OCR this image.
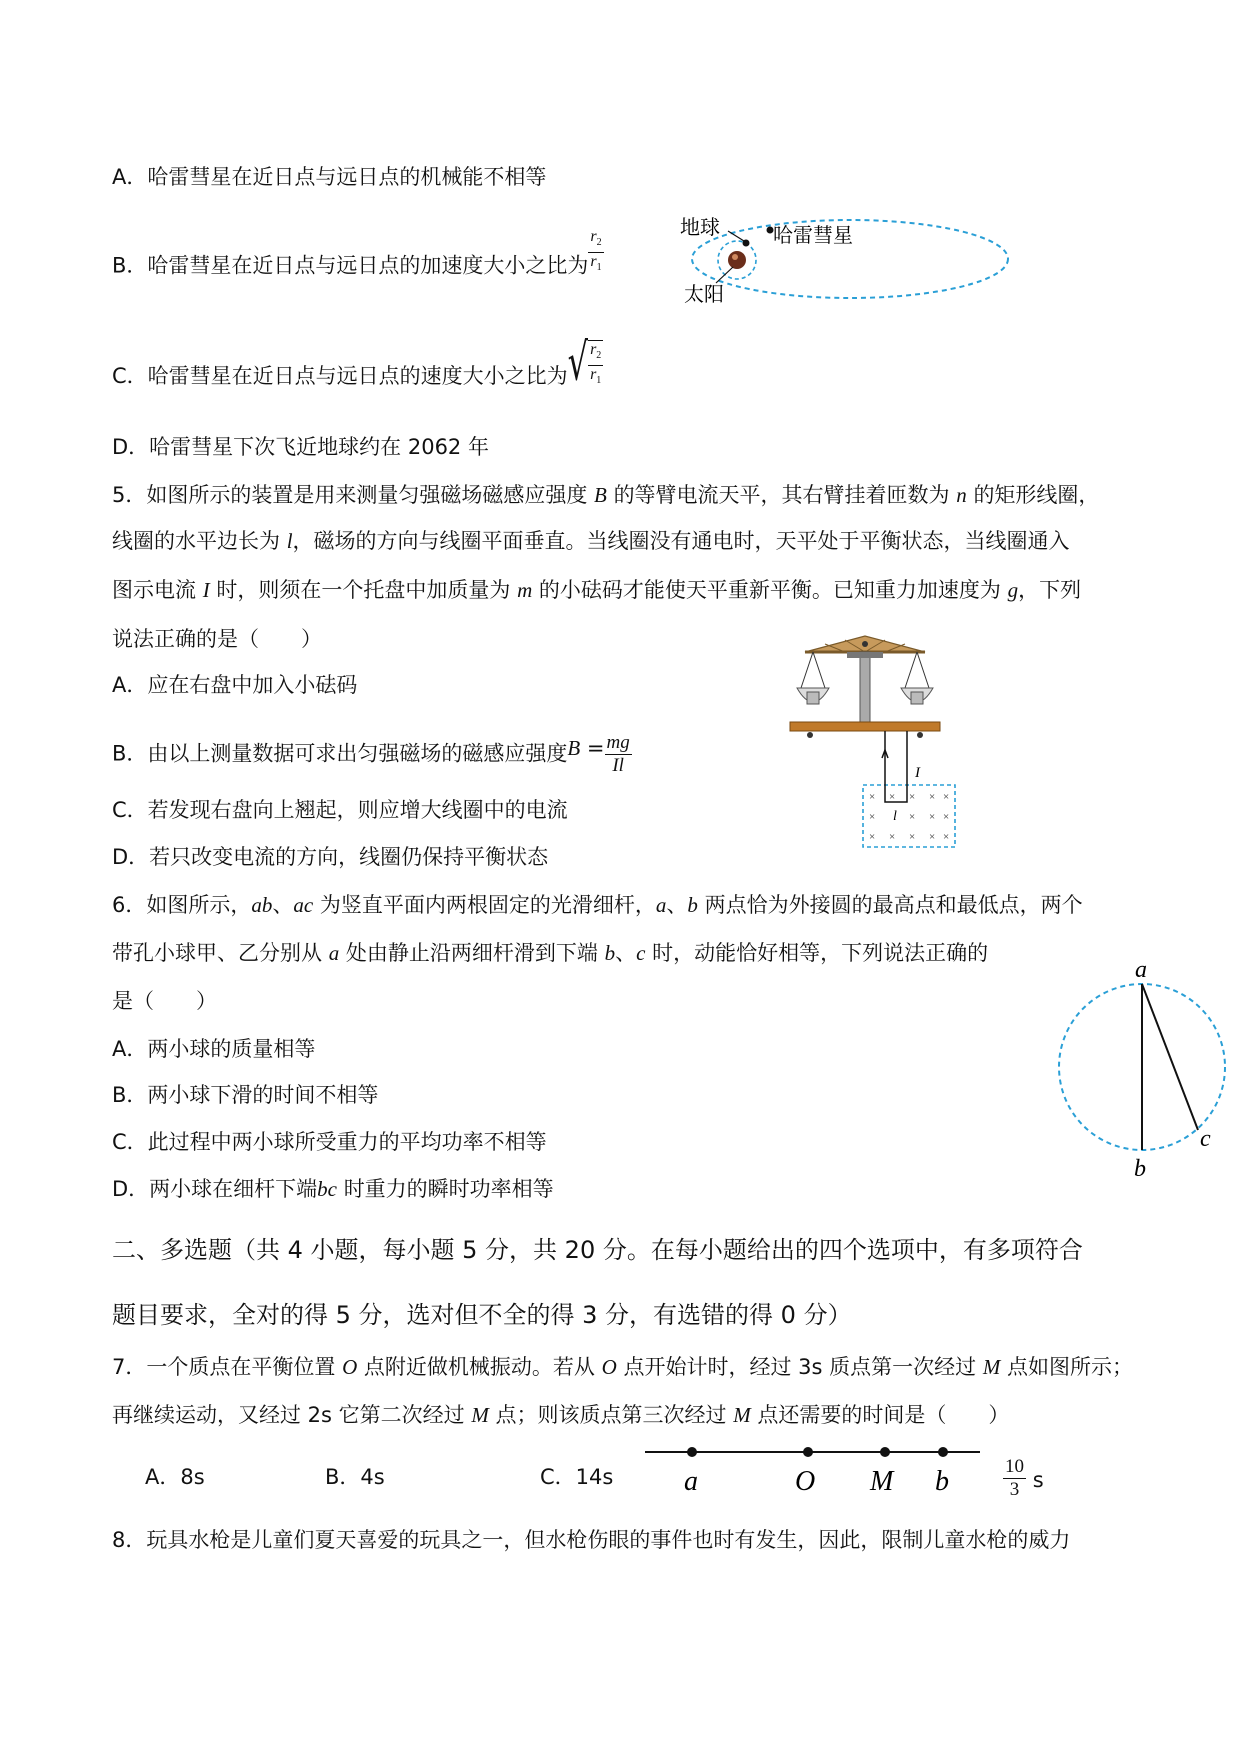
A．哈雷彗星在近日点与远日点的机械能不相等
B．哈雷彗星在近日点与远日点的加速度大小之比为 $\frac{r_2}{r_1}$
C．哈雷彗星在近日点与远日点的速度大小之比为√ $\frac{r_2}{r_1}$
D．哈雷彗星下次飞近地球约在 2062 年
地球	哈雷彗星
太阳
5．如图所示的装置是用来测量匀强磁场磁感应强度 B 的等臂电流天平，其右臂挂着匝数为 n 的矩形线圈，
线圈的水平边长为 l，磁场的方向与线圈平面垂直。当线圈没有通电时，天平处于平衡状态，当线圈通入
图示电流 I 时，则须在一个托盘中加质量为 m 的小砝码才能使天平重新平衡。已知重力加速度为 g，下列
说法正确的是（　　）
A．应在右盘中加入小砝码
B．由以上测量数据可求出匀强磁场的磁感应强度$B = \frac{mg}{Il}$
C．若发现右盘向上翘起，则应增大线圈中的电流
D．若只改变电流的方向，线圈仍保持平衡状态
I
l
× × × × ×
×	× × ×
× × × × ×
6．如图所示，ab、ac 为竖直平面内两根固定的光滑细杆，a、b 两点恰为外接圆的最高点和最低点，两个
带孔小球甲、乙分别从 a 处由静止沿两细杆滑到下端 b、c 时，动能恰好相等，下列说法正确的
是（　　）
A．两小球的质量相等
B．两小球下滑的时间不相等
C．此过程中两小球所受重力的平均功率不相等
D．两小球在细杆下端bc 时重力的瞬时功率相等
a
b
c
二、多选题（共 4 小题，每小题 5 分，共 20 分。在每小题给出的四个选项中，有多项符合
题目要求，全对的得 5 分，选对但不全的得 3 分，有选错的得 0 分）
7．一个质点在平衡位置 O 点附近做机械振动。若从 O 点开始计时，经过 3s 质点第一次经过 M 点如图所示；
再继续运动，又经过 2s 它第二次经过 M 点；则该质点第三次经过 M 点还需要的时间是（　　）
A．8s	B．4s	C．14s	$\frac{10}{3}$ s
a	O M b
8．玩具水枪是儿童们夏天喜爱的玩具之一，但水枪伤眼的事件也时有发生，因此，限制儿童水枪的威力
